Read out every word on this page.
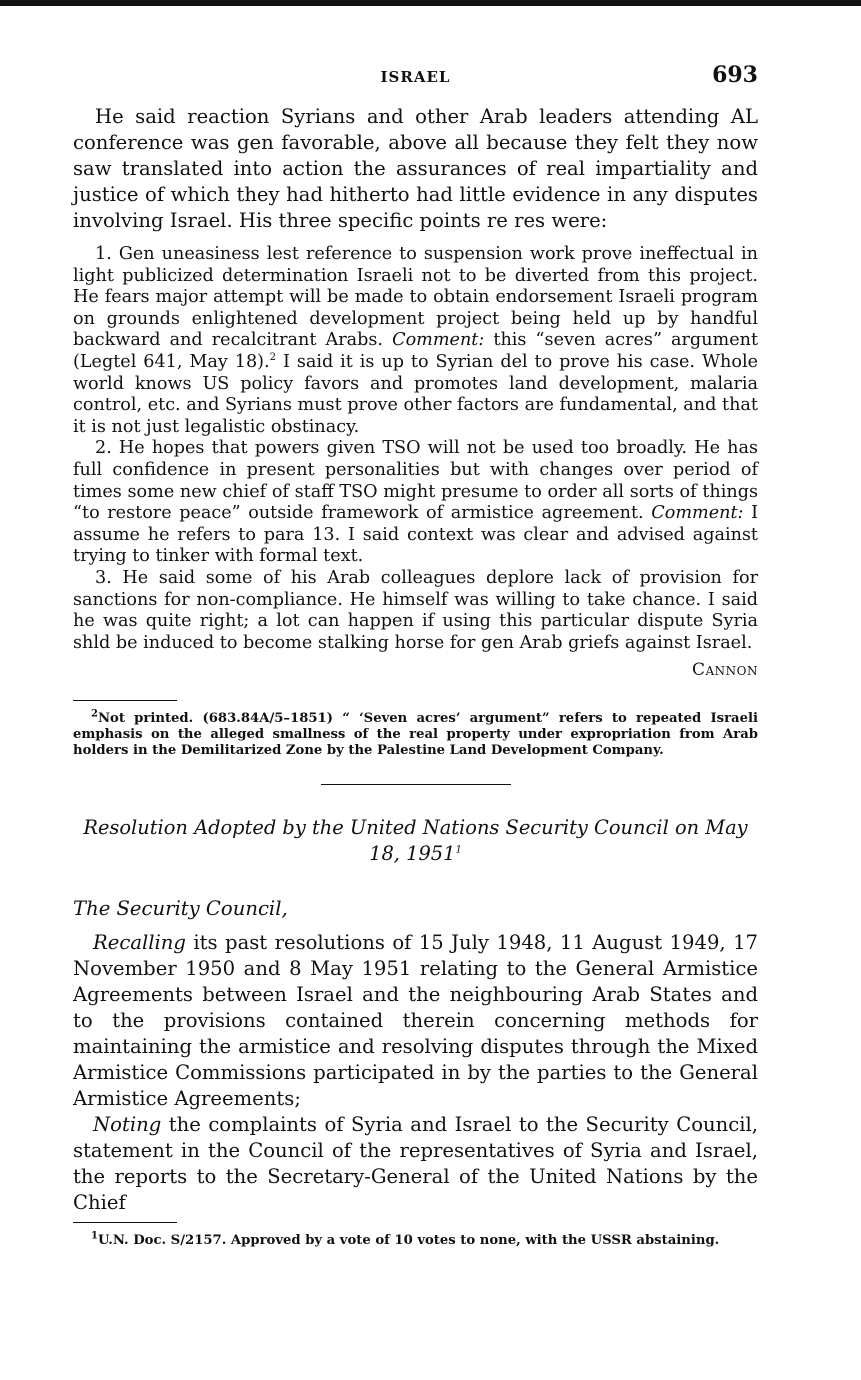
ISRAEL	693

He said reaction Syrians and other Arab leaders attending AL conference was gen favorable, above all because they felt they now saw translated into action the assurances of real impartiality and justice of which they had hitherto had little evidence in any disputes involving Israel. His three specific points re res were:

1. Gen uneasiness lest reference to suspension work prove ineffectual in light publicized determination Israeli not to be diverted from this project. He fears major attempt will be made to obtain endorsement Israeli program on grounds enlightened development project being held up by handful backward and recalcitrant Arabs. Comment: this “seven acres” argument (Legtel 641, May 18).$^2$ I said it is up to Syrian del to prove his case. Whole world knows US policy favors and promotes land development, malaria control, etc. and Syrians must prove other factors are fundamental, and that it is not just legalistic obstinacy.

2. He hopes that powers given TSO will not be used too broadly. He has full confidence in present personalities but with changes over period of times some new chief of staff TSO might presume to order all sorts of things “to restore peace” outside framework of armistice agreement. Comment: I assume he refers to para 13. I said context was clear and advised against trying to tinker with formal text.

3. He said some of his Arab colleagues deplore lack of provision for sanctions for non-compliance. He himself was willing to take chance. I said he was quite right; a lot can happen if using this particular dispute Syria shld be induced to become stalking horse for gen Arab griefs against Israel.

Cannon

$^2$Not printed. (683.84A/5–1851) “ ‘Seven acres’ argument” refers to repeated Israeli emphasis on the alleged smallness of the real property under expropriation from Arab holders in the Demilitarized Zone by the Palestine Land Development Company.

Resolution Adopted by the United Nations Security Council on May 18, 1951$^1$

The Security Council,

Recalling its past resolutions of 15 July 1948, 11 August 1949, 17 November 1950 and 8 May 1951 relating to the General Armistice Agreements between Israel and the neighbouring Arab States and to the provisions contained therein concerning methods for maintaining the armistice and resolving disputes through the Mixed Armistice Commissions participated in by the parties to the General Armistice Agreements;

Noting the complaints of Syria and Israel to the Security Council, statement in the Council of the representatives of Syria and Israel, the reports to the Secretary-General of the United Nations by the Chief

$^1$U.N. Doc. S/2157. Approved by a vote of 10 votes to none, with the USSR abstaining.
